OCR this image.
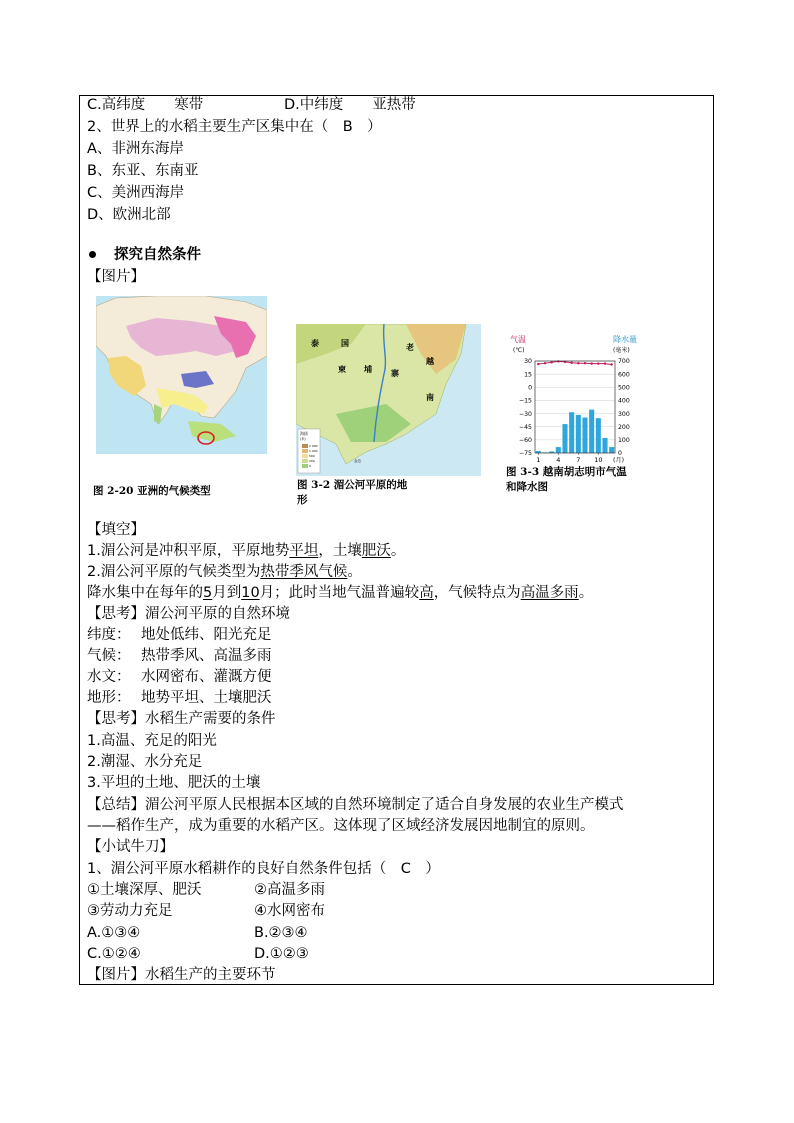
C.高纬度　　寒带	D.中纬度　　亚热带
2、世界上的水稻主要生产区集中在（　B　）
A、非洲东海岸
B、东亚、东南亚
C、美洲西海岸
D、欧洲北部
探究自然条件
【图片】
图 2-20 亚洲的气候类型
海拔
(米)
2 000
1 000
500
200
0
泰	国	老
越
柬 埔 寨
南
金边
图 3-2 湄公河平原的地
形
气温
(℃)
降水量
(毫米)
30	700
15	600
0	500
−15	400
−30	300
−45	200
−60	100
−75	0
1 4 7 10 (月)
图 3-3 越南胡志明市气温
和降水图
【填空】
1.湄公河是冲积平原，平原地势平坦，土壤肥沃。
2.湄公河平原的气候类型为热带季风气候。
降水集中在每年的5月到10月；此时当地气温普遍较高，气候特点为高温多雨。
【思考】湄公河平原的自然环境
纬度： 地处低纬、阳光充足
气候： 热带季风、高温多雨
水文： 水网密布、灌溉方便
地形： 地势平坦、土壤肥沃
【思考】水稻生产需要的条件
1.高温、充足的阳光
2.潮湿、水分充足
3.平坦的土地、肥沃的土壤
【总结】湄公河平原人民根据本区域的自然环境制定了适合自身发展的农业生产模式
——稻作生产，成为重要的水稻产区。这体现了区域经济发展因地制宜的原则。
【小试牛刀】
1、湄公河平原水稻耕作的良好自然条件包括（　C　）
①土壤深厚、肥沃	②高温多雨
③劳动力充足	④水网密布
A.①③④	B.②③④
C.①②④	D.①②③
【图片】水稻生产的主要环节
